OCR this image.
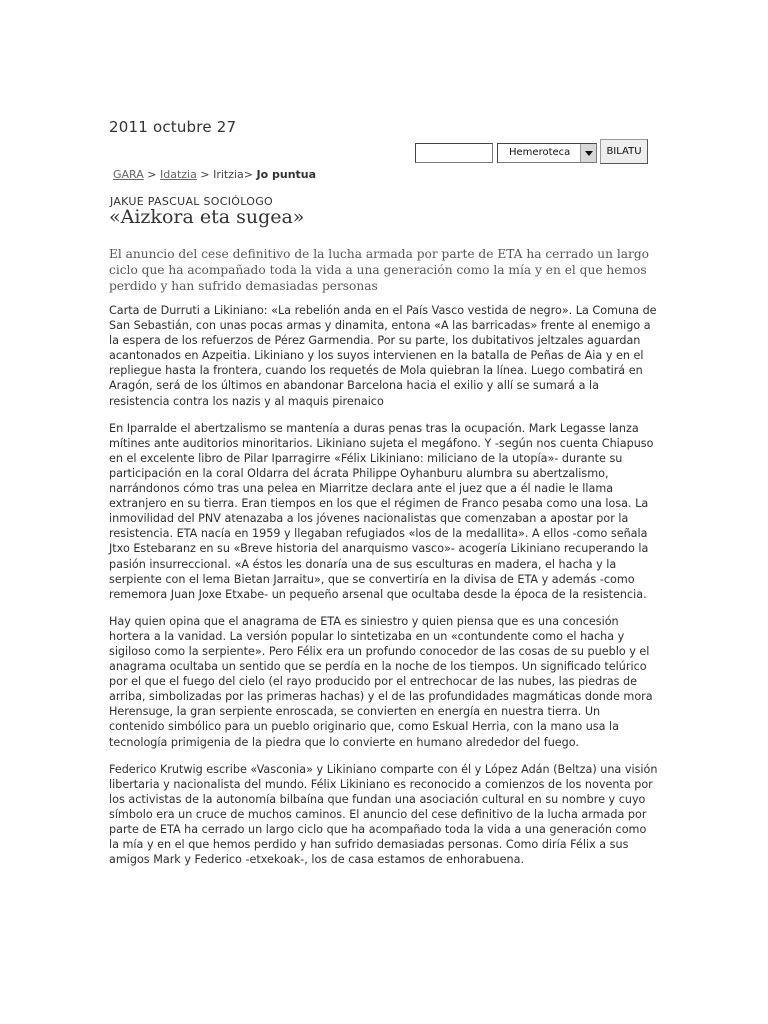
2011 octubre 27
Hemeroteca	BILATU
GARA > Idatzia > Iritzia> Jo puntua
JAKUE PASCUAL SOCIÓLOGO
«Aizkora eta sugea»
El anuncio del cese definitivo de la lucha armada por parte de ETA ha cerrado un largo ciclo que ha acompañado toda la vida a una generación como la mía y en el que hemos perdido y han sufrido demasiadas personas

Carta de Durruti a Likiniano: «La rebelión anda en el País Vasco vestida de negro». La Comuna de San Sebastián, con unas pocas armas y dinamita, entona «A las barricadas» frente al enemigo a la espera de los refuerzos de Pérez Garmendia. Por su parte, los dubitativos jeltzales aguardan acantonados en Azpeitia. Likiniano y los suyos intervienen en la batalla de Peñas de Aia y en el repliegue hasta la frontera, cuando los requetés de Mola quiebran la línea. Luego combatirá en Aragón, será de los últimos en abandonar Barcelona hacia el exilio y allí se sumará a la resistencia contra los nazis y al maquis pirenaico

En Iparralde el abertzalismo se mantenía a duras penas tras la ocupación. Mark Legasse lanza mítines ante auditorios minoritarios. Likiniano sujeta el megáfono. Y -según nos cuenta Chiapuso en el excelente libro de Pilar Iparragirre «Félix Likiniano: miliciano de la utopía»- durante su participación en la coral Oldarra del ácrata Philippe Oyhanburu alumbra su abertzalismo, narrándonos cómo tras una pelea en Miarritze declara ante el juez que a él nadie le llama extranjero en su tierra. Eran tiempos en los que el régimen de Franco pesaba como una losa. La inmovilidad del PNV atenazaba a los jóvenes nacionalistas que comenzaban a apostar por la resistencia. ETA nacía en 1959 y llegaban refugiados «los de la medallita». A ellos -como señala Jtxo Estebaranz en su «Breve historia del anarquismo vasco»- acogería Likiniano recuperando la pasión insurreccional. «A éstos les donaría una de sus esculturas en madera, el hacha y la serpiente con el lema Bietan Jarraitu», que se convertiría en la divisa de ETA y además -como rememora Juan Joxe Etxabe- un pequeño arsenal que ocultaba desde la época de la resistencia.

Hay quien opina que el anagrama de ETA es siniestro y quien piensa que es una concesión hortera a la vanidad. La versión popular lo sintetizaba en un «contundente como el hacha y sigiloso como la serpiente». Pero Félix era un profundo conocedor de las cosas de su pueblo y el anagrama ocultaba un sentido que se perdía en la noche de los tiempos. Un significado telúrico por el que el fuego del cielo (el rayo producido por el entrechocar de las nubes, las piedras de arriba, simbolizadas por las primeras hachas) y el de las profundidades magmáticas donde mora Herensuge, la gran serpiente enroscada, se convierten en energía en nuestra tierra. Un contenido simbólico para un pueblo originario que, como Eskual Herria, con la mano usa la tecnología primigenia de la piedra que lo convierte en humano alrededor del fuego.

Federico Krutwig escribe «Vasconia» y Likiniano comparte con él y López Adán (Beltza) una visión libertaria y nacionalista del mundo. Félix Likiniano es reconocido a comienzos de los noventa por los activistas de la autonomía bilbaína que fundan una asociación cultural en su nombre y cuyo símbolo era un cruce de muchos caminos. El anuncio del cese definitivo de la lucha armada por parte de ETA ha cerrado un largo ciclo que ha acompañado toda la vida a una generación como la mía y en el que hemos perdido y han sufrido demasiadas personas. Como diría Félix a sus amigos Mark y Federico -etxekoak-, los de casa estamos de enhorabuena.
